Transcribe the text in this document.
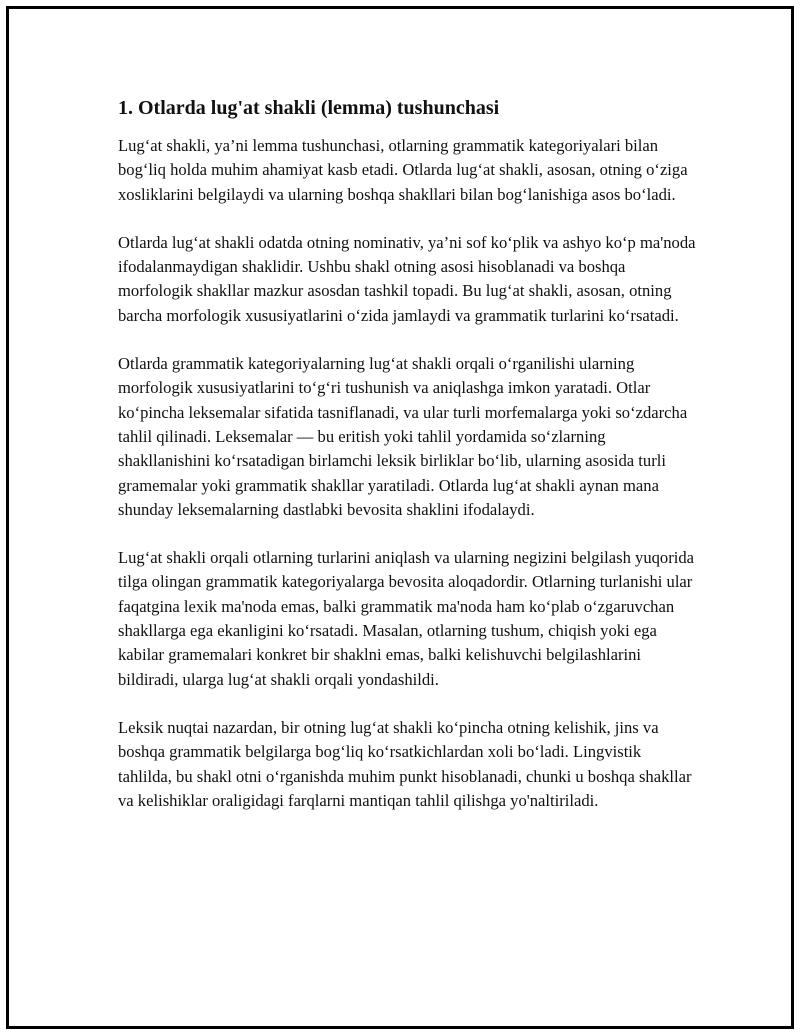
1. Otlarda lug'at shakli (lemma) tushunchasi

Lug‘at shakli, ya’ni lemma tushunchasi, otlarning grammatik kategoriyalari bilan bog‘liq holda muhim ahamiyat kasb etadi. Otlarda lug‘at shakli, asosan, otning o‘ziga xosliklarini belgilaydi va ularning boshqa shakllari bilan bog‘lanishiga asos bo‘ladi.

Otlarda lug‘at shakli odatda otning nominativ, ya’ni sof ko‘plik va ashyo ko‘p ma'noda ifodalanmaydigan shaklidir. Ushbu shakl otning asosi hisoblanadi va boshqa morfologik shakllar mazkur asosdan tashkil topadi. Bu lug‘at shakli, asosan, otning barcha morfologik xususiyatlarini o‘zida jamlaydi va grammatik turlarini ko‘rsatadi.

Otlarda grammatik kategoriyalarning lug‘at shakli orqali o‘rganilishi ularning morfologik xususiyatlarini to‘g‘ri tushunish va aniqlashga imkon yaratadi. Otlar ko‘pincha leksemalar sifatida tasniflanadi, va ular turli morfemalarga yoki so‘zdarcha tahlil qilinadi. Leksemalar — bu eritish yoki tahlil yordamida so‘zlarning shakllanishini ko‘rsatadigan birlamchi leksik birliklar bo‘lib, ularning asosida turli gramemalar yoki grammatik shakllar yaratiladi. Otlarda lug‘at shakli aynan mana shunday leksemalarning dastlabki bevosita shaklini ifodalaydi.

Lug‘at shakli orqali otlarning turlarini aniqlash va ularning negizini belgilash yuqorida tilga olingan grammatik kategoriyalarga bevosita aloqadordir. Otlarning turlanishi ular faqatgina lexik ma'noda emas, balki grammatik ma'noda ham ko‘plab o‘zgaruvchan shakllarga ega ekanligini ko‘rsatadi. Masalan, otlarning tushum, chiqish yoki ega kabilar gramemalari konkret bir shaklni emas, balki kelishuvchi belgilashlarini bildiradi, ularga lug‘at shakli orqali yondashildi.

Leksik nuqtai nazardan, bir otning lug‘at shakli ko‘pincha otning kelishik, jins va boshqa grammatik belgilarga bog‘liq ko‘rsatkichlardan xoli bo‘ladi. Lingvistik tahlilda, bu shakl otni o‘rganishda muhim punkt hisoblanadi, chunki u boshqa shakllar va kelishiklar oraligidagi farqlarni mantiqan tahlil qilishga yo'naltiriladi.
